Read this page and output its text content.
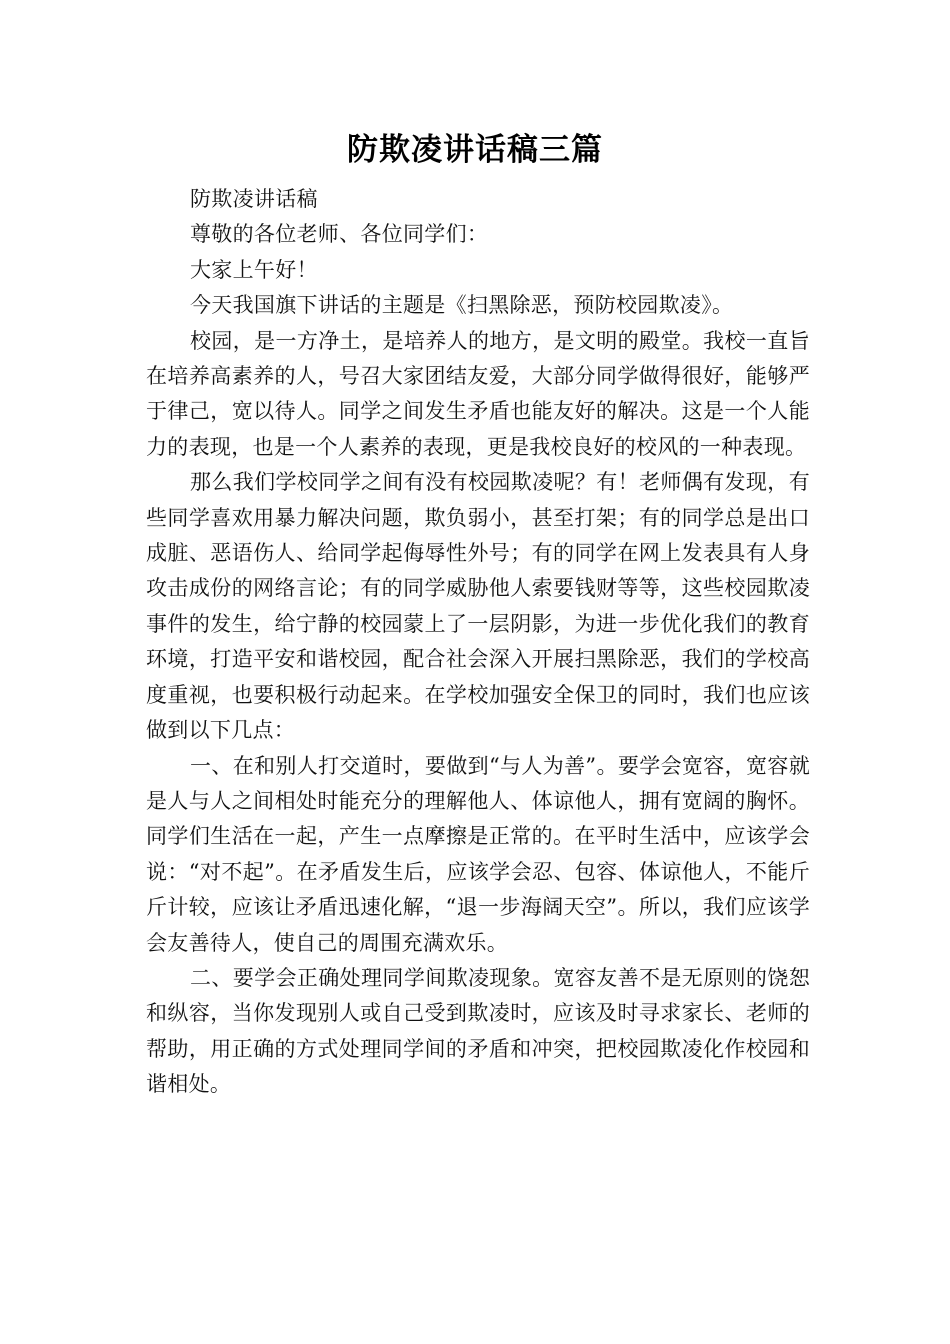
防欺凌讲话稿三篇

防欺凌讲话稿

尊敬的各位老师、各位同学们：

大家上午好！

今天我国旗下讲话的主题是《扫黑除恶，预防校园欺凌》。

校园，是一方净土，是培养人的地方，是文明的殿堂。我校一直旨在培养高素养的人，号召大家团结友爱，大部分同学做得很好，能够严于律己，宽以待人。同学之间发生矛盾也能友好的解决。这是一个人能力的表现，也是一个人素养的表现，更是我校良好的校风的一种表现。

那么我们学校同学之间有没有校园欺凌呢？有！老师偶有发现，有些同学喜欢用暴力解决问题，欺负弱小，甚至打架；有的同学总是出口成脏、恶语伤人、给同学起侮辱性外号；有的同学在网上发表具有人身攻击成份的网络言论；有的同学威胁他人索要钱财等等，这些校园欺凌事件的发生，给宁静的校园蒙上了一层阴影，为进一步优化我们的教育环境，打造平安和谐校园，配合社会深入开展扫黑除恶，我们的学校高度重视，也要积极行动起来。在学校加强安全保卫的同时，我们也应该做到以下几点：

一、在和别人打交道时，要做到“与人为善”。要学会宽容，宽容就是人与人之间相处时能充分的理解他人、体谅他人，拥有宽阔的胸怀。同学们生活在一起，产生一点摩擦是正常的。在平时生活中，应该学会说：“对不起”。在矛盾发生后，应该学会忍、包容、体谅他人，不能斤斤计较，应该让矛盾迅速化解，“退一步海阔天空”。所以，我们应该学会友善待人，使自己的周围充满欢乐。

二、要学会正确处理同学间欺凌现象。宽容友善不是无原则的饶恕和纵容，当你发现别人或自己受到欺凌时，应该及时寻求家长、老师的帮助，用正确的方式处理同学间的矛盾和冲突，把校园欺凌化作校园和谐相处。
